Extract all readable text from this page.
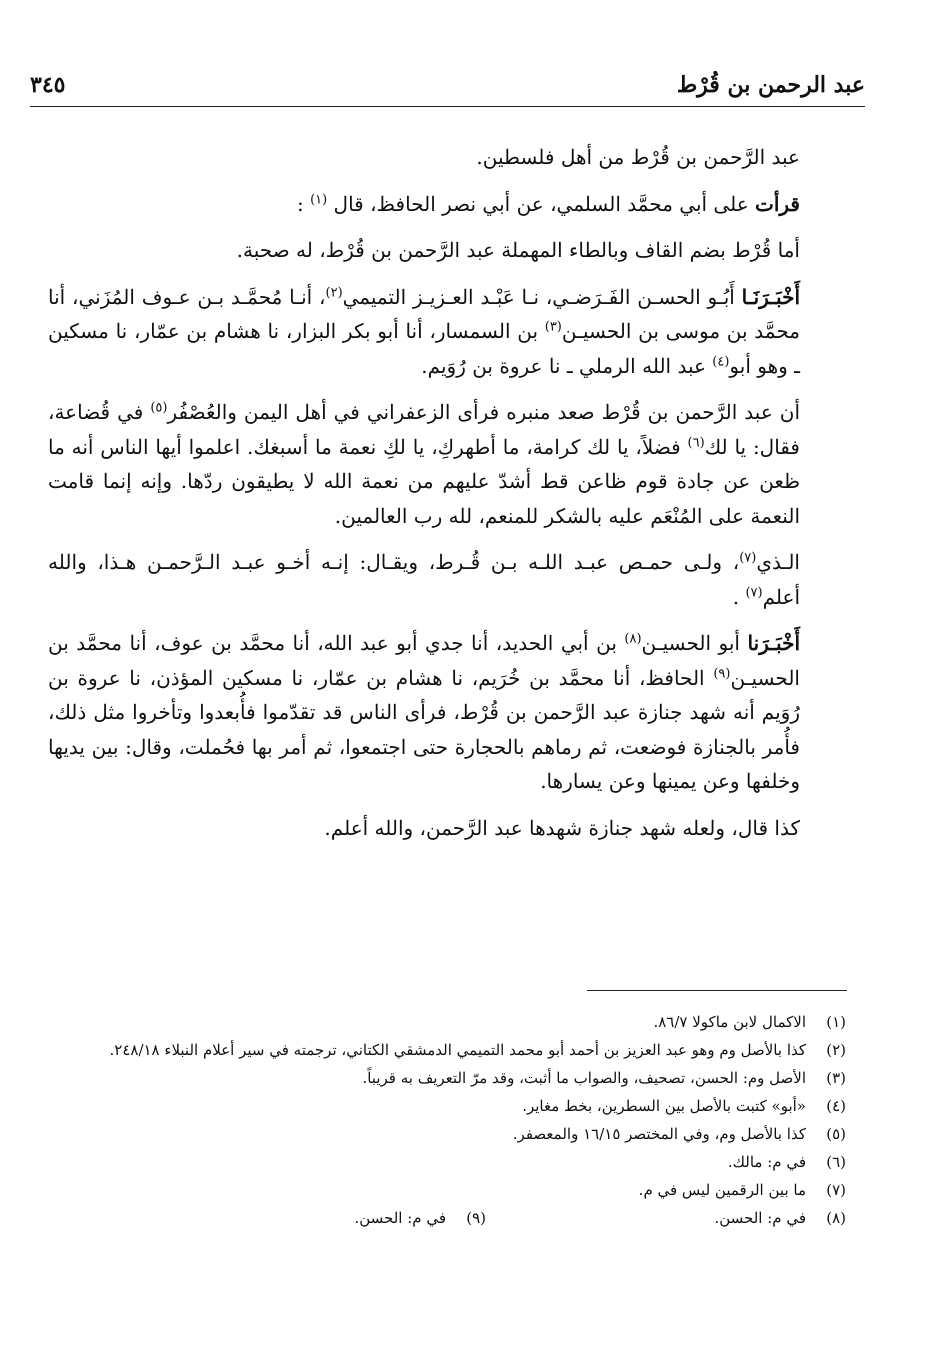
عبد الرحمن بن قُرْط
٣٤٥

عبد الرَّحمن بن قُرْط من أهل فلسطين.

قرأت على أبي محمَّد السلمي، عن أبي نصر الحافظ، قال $^{(١)}$ :

أما قُرْط بضم القاف وبالطاء المهملة عبد الرَّحمن بن قُرْط، له صحبة.

أَخْبَـرَنَـا أَبُـو الحسـن الفَـرَضـي، نـا عَبْـد العـزيـز التميمي$^{(٢)}$، أنـا مُحمَّـد بـن عـوف المُزَني، أنا محمَّد بن موسى بن الحسيـن$^{(٣)}$ بن السمسار، أنا أبو بكر البزار، نا هشام بن عمّار، نا مسكين ـ وهو أبو$^{(٤)}$ عبد الله الرملي ـ نا عروة بن رُوَيم.

أن عبد الرَّحمن بن قُرْط صعد منبره فرأى الزعفراني في أهل اليمن والعُصْفُر$^{(٥)}$ في قُضاعة، فقال: يا لك$^{(٦)}$ فضلاً، يا لك كرامة، ما أطهركِ، يا لكِ نعمة ما أسبغك. اعلموا أيها الناس أنه ما ظعن عن جادة قوم ظاعن قط أشدّ عليهم من نعمة الله لا يطيقون ردّها. وإنه إنما قامت النعمة على المُنْعَم عليه بالشكر للمنعم، لله رب العالمين.

الـذي$^{(٧)}$، ولـى حمـص عبـد اللـه بـن قُـرط، ويقـال: إنـه أخـو عبـد الـرَّحمـن هـذا، والله أعلم$^{(٧)}$ .

أَخْبَـرَنا أبو الحسيـن$^{(٨)}$ بن أبي الحديد، أنا جدي أبو عبد الله، أنا محمَّد بن عوف، أنا محمَّد بن الحسيـن$^{(٩)}$ الحافظ، أنا محمَّد بن خُرَيم، نا هشام بن عمّار، نا مسكين المؤذن، نا عروة بن رُوَيم أنه شهد جنازة عبد الرَّحمن بن قُرْط، فرأى الناس قد تقدّموا فأُبعدوا وتأخروا مثل ذلك، فأُمر بالجنازة فوضعت، ثم رماهم بالحجارة حتى اجتمعوا، ثم أمر بها فحُملت، وقال: بين يديها وخلفها وعن يمينها وعن يسارها.

كذا قال، ولعله شهد جنازة شهدها عبد الرَّحمن، والله أعلم.

(١)
الاكمال لابن ماكولا ٨٦/٧.
(٢)
كذا بالأصل وم وهو عبد العزيز بن أحمد أبو محمد التميمي الدمشقي الكتاني، ترجمته في سير أعلام النبلاء ٢٤٨/١٨.
(٣)
الأصل وم: الحسن، تصحيف، والصواب ما أثبت، وقد مرّ التعريف به قريباً.
(٤)
«أبو» كتبت بالأصل بين السطرين، بخط مغاير.
(٥)
كذا بالأصل وم، وفي المختصر ١٦/١٥ والمعصفر.
(٦)
في م: مالك.
(٧)
ما بين الرقمين ليس في م.
(٨)
في م: الحسن.
(٩)
في م: الحسن.
